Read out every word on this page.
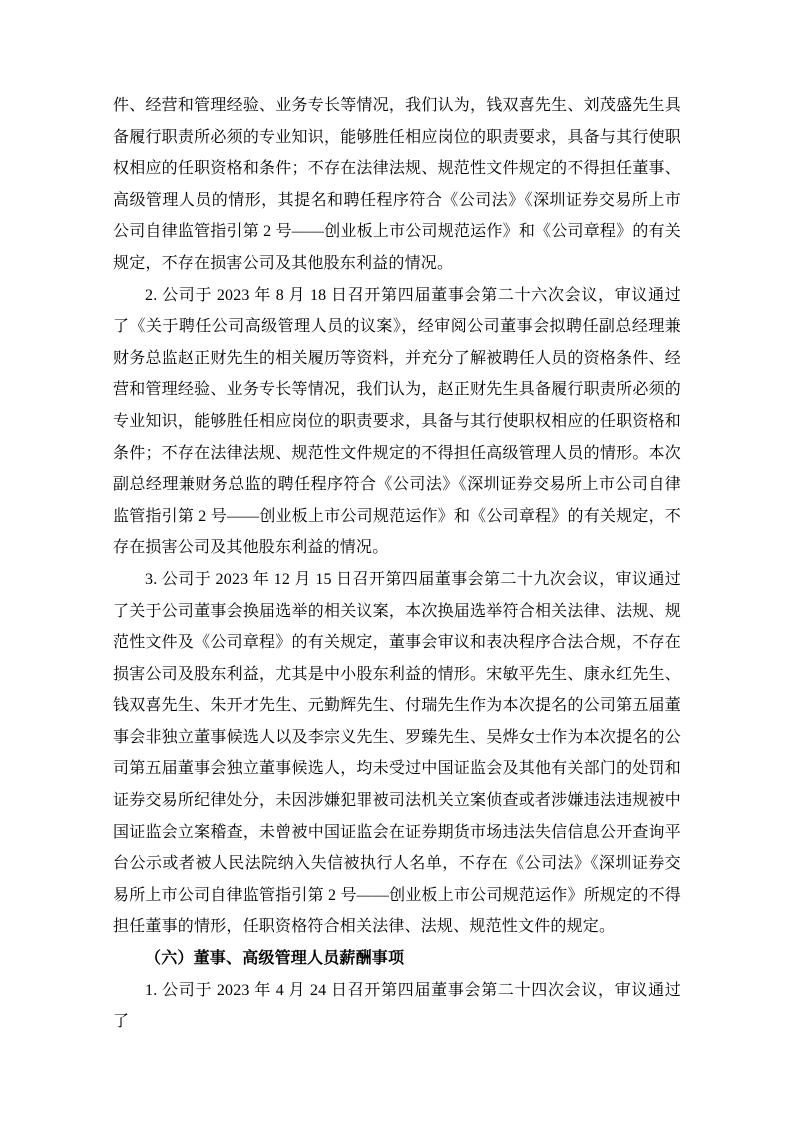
件、经营和管理经验、业务专长等情况，我们认为，钱双喜先生、刘茂盛先生具备履行职责所必须的专业知识，能够胜任相应岗位的职责要求，具备与其行使职权相应的任职资格和条件；不存在法律法规、规范性文件规定的不得担任董事、高级管理人员的情形，其提名和聘任程序符合《公司法》《深圳证券交易所上市公司自律监管指引第 2 号——创业板上市公司规范运作》和《公司章程》的有关规定，不存在损害公司及其他股东利益的情况。

2. 公司于 2023 年 8 月 18 日召开第四届董事会第二十六次会议，审议通过了《关于聘任公司高级管理人员的议案》，经审阅公司董事会拟聘任副总经理兼财务总监赵正财先生的相关履历等资料，并充分了解被聘任人员的资格条件、经营和管理经验、业务专长等情况，我们认为，赵正财先生具备履行职责所必须的专业知识，能够胜任相应岗位的职责要求，具备与其行使职权相应的任职资格和条件；不存在法律法规、规范性文件规定的不得担任高级管理人员的情形。本次副总经理兼财务总监的聘任程序符合《公司法》《深圳证券交易所上市公司自律监管指引第 2 号——创业板上市公司规范运作》和《公司章程》的有关规定，不存在损害公司及其他股东利益的情况。

3. 公司于 2023 年 12 月 15 日召开第四届董事会第二十九次会议，审议通过了关于公司董事会换届选举的相关议案，本次换届选举符合相关法律、法规、规范性文件及《公司章程》的有关规定，董事会审议和表决程序合法合规，不存在损害公司及股东利益，尤其是中小股东利益的情形。宋敏平先生、康永红先生、钱双喜先生、朱开才先生、元勤辉先生、付瑞先生作为本次提名的公司第五届董事会非独立董事候选人以及李宗义先生、罗臻先生、吴烨女士作为本次提名的公司第五届董事会独立董事候选人，均未受过中国证监会及其他有关部门的处罚和证券交易所纪律处分，未因涉嫌犯罪被司法机关立案侦查或者涉嫌违法违规被中国证监会立案稽查，未曾被中国证监会在证券期货市场违法失信信息公开查询平台公示或者被人民法院纳入失信被执行人名单，不存在《公司法》《深圳证券交易所上市公司自律监管指引第 2 号——创业板上市公司规范运作》所规定的不得担任董事的情形，任职资格符合相关法律、法规、规范性文件的规定。

（六）董事、高级管理人员薪酬事项

1. 公司于 2023 年 4 月 24 日召开第四届董事会第二十四次会议，审议通过了
